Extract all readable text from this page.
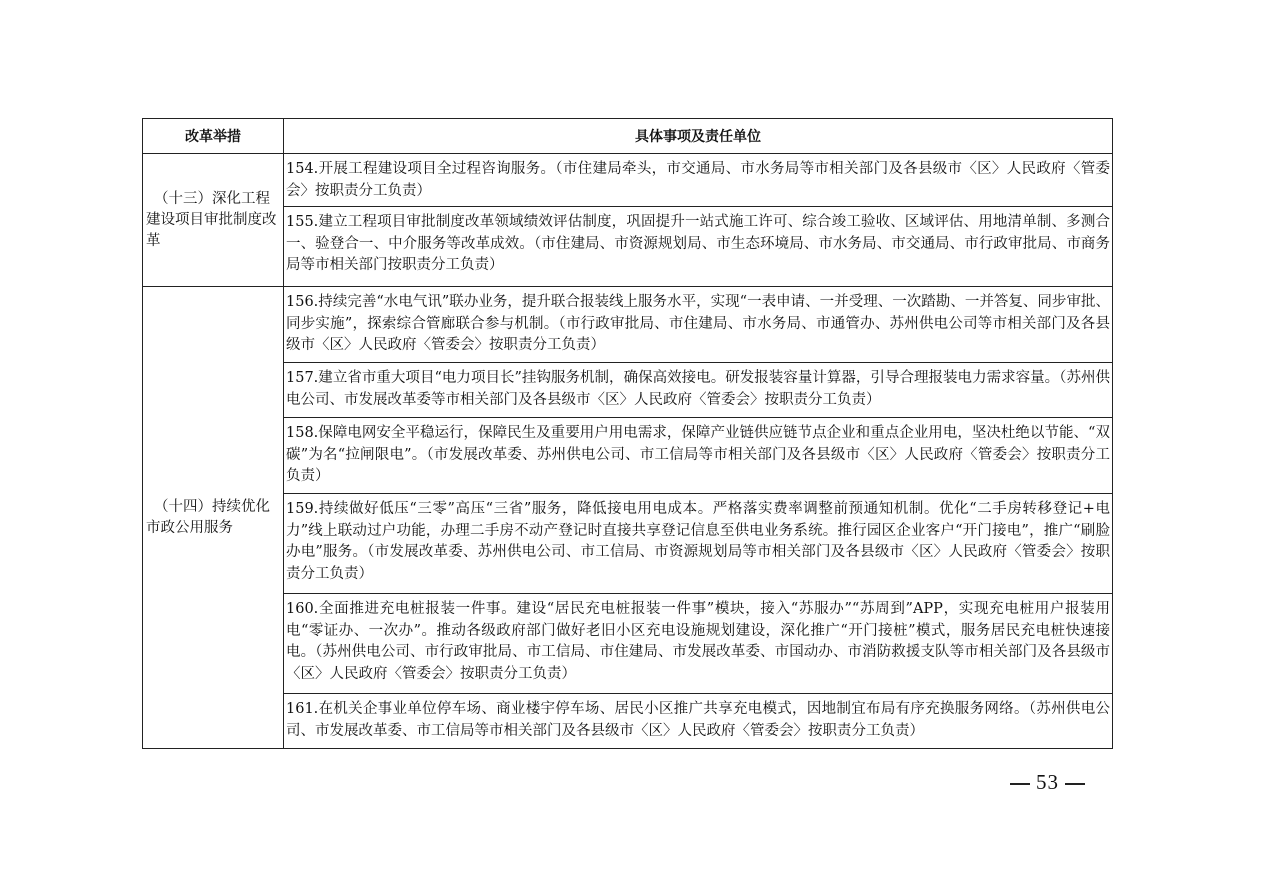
改革举措	具体事项及责任单位
（十三）深化工程建设项目审批制度改革	154.开展工程建设项目全过程咨询服务。（市住建局牵头，市交通局、市水务局等市相关部门及各县级市〈区〉人民政府〈管委会〉按职责分工负责）
	155.建立工程项目审批制度改革领域绩效评估制度，巩固提升一站式施工许可、综合竣工验收、区域评估、用地清单制、多测合一、验登合一、中介服务等改革成效。（市住建局、市资源规划局、市生态环境局、市水务局、市交通局、市行政审批局、市商务局等市相关部门按职责分工负责）
（十四）持续优化市政公用服务	156.持续完善“水电气讯”联办业务，提升联合报装线上服务水平，实现“一表申请、一并受理、一次踏勘、一并答复、同步审批、同步实施”，探索综合管廊联合参与机制。（市行政审批局、市住建局、市水务局、市通管办、苏州供电公司等市相关部门及各县级市〈区〉人民政府〈管委会〉按职责分工负责）
	157.建立省市重大项目“电力项目长”挂钩服务机制，确保高效接电。研发报装容量计算器，引导合理报装电力需求容量。（苏州供电公司、市发展改革委等市相关部门及各县级市〈区〉人民政府〈管委会〉按职责分工负责）
	158.保障电网安全平稳运行，保障民生及重要用户用电需求，保障产业链供应链节点企业和重点企业用电，坚决杜绝以节能、“双碳”为名“拉闸限电”。（市发展改革委、苏州供电公司、市工信局等市相关部门及各县级市〈区〉人民政府〈管委会〉按职责分工负责）
	159.持续做好低压“三零”高压“三省”服务，降低接电用电成本。严格落实费率调整前预通知机制。优化“二手房转移登记+电力”线上联动过户功能，办理二手房不动产登记时直接共享登记信息至供电业务系统。推行园区企业客户“开门接电”，推广“刷脸办电”服务。（市发展改革委、苏州供电公司、市工信局、市资源规划局等市相关部门及各县级市〈区〉人民政府〈管委会〉按职责分工负责）
	160.全面推进充电桩报装一件事。建设“居民充电桩报装一件事”模块，接入“苏服办”“苏周到”APP，实现充电桩用户报装用电“零证办、一次办”。推动各级政府部门做好老旧小区充电设施规划建设，深化推广“开门接桩”模式，服务居民充电桩快速接电。（苏州供电公司、市行政审批局、市工信局、市住建局、市发展改革委、市国动办、市消防救援支队等市相关部门及各县级市〈区〉人民政府〈管委会〉按职责分工负责）
	161.在机关企事业单位停车场、商业楼宇停车场、居民小区推广共享充电模式，因地制宜布局有序充换服务网络。（苏州供电公司、市发展改革委、市工信局等市相关部门及各县级市〈区〉人民政府〈管委会〉按职责分工负责）
53
